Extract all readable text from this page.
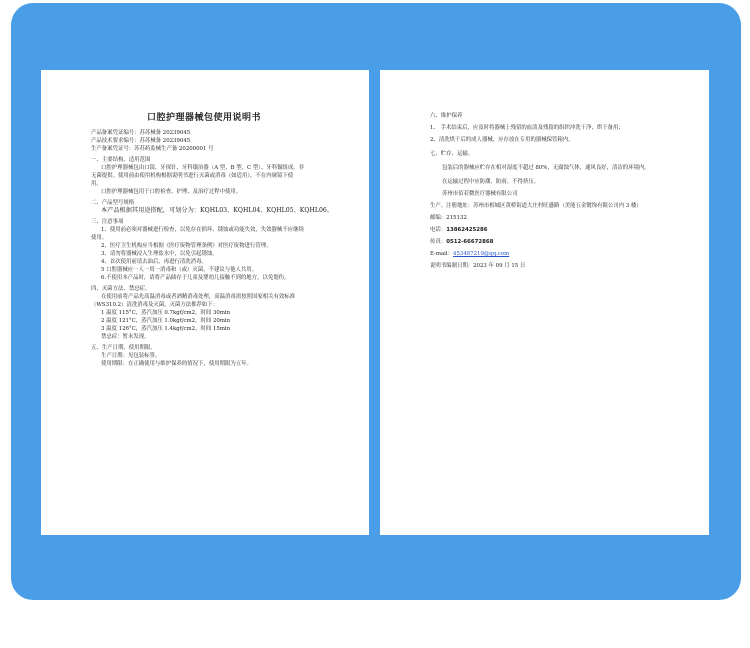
口腔护理器械包使用说明书
产品备案凭证编号：苏苏械备 20239045
产品技术要求编号：苏苏械备 20239045
生产备案凭证号：苏苏药监械生产备 20200001 号
一、主要结构、适用范围
口腔护理器械包由口镜、牙探针、牙科镊治器（A 型、B 型、C 型）、牙科镊组成。非
无菌提供。使用前由使用机构根据说明书进行灭菌或消毒（如适用），不在内窥镜下使
用。
口腔护理器械包用于口腔检查、护理、及治疗过程中使用。
二、产品型号规格
本产品根据其用途搭配，可划分为：KQHL03、KQHL04、KQHL05、KQHL06。
三、注意事项
1、使用前必须对器械进行检查，以免存在损坏、锈蚀或功能失效，失效器械不应继续
使用。
2、医疗卫生机构应当根据《医疗废物管理条例》对医疗废物进行管理。
3、请勿将器械浸入生理盐水中，以免引起锈蚀。
4、首次使用前请去油后，再进行清洗消毒。
5 口腔器械应一人一用一消毒和（或）灭菌，不建议与他人共用。
6.不使用本产品时，请将产品储存于儿童及婴幼儿接触不到的地方，以免划伤。
四、灭菌方法、禁忌症。
在使用前将产品先高温消毒或者酒精消毒处理，高温消毒需按照国家相关有效标准
（WS310.2）清洗消毒及灭菌，灭菌方法推荐如下：
1 温度 115°C，蒸汽加压 0.7kgf/cm2，时间 30min
2 温度 121°C，蒸汽加压 1.0kgf/cm2，时间 20min
3 温度 126°C，蒸汽加压 1.4kgf/cm2，时间 15min
禁忌症：暂未发现。
五、生产日期、使用期限。
生产日期：见包装标签。
使用期限：在正确使用与维护保养的情况下，使用期限为五年。
六、维护保养
1、 手术结束后，应及时将器械上残留的血渍及残留的组织冲洗干净，烘干备用；
2、清洗烘干后的成人器械，应存放在专用的器械保管箱内。
七、贮存、运输。
包装后的器械应贮存在相对湿度不超过 80%，无腐蚀气体，通风良好，清洁的环境内。
在运输过程中应防潮、防雨、不得挤压。
苏州市佰若微医疗器械有限公司
生产、注册地址：苏州市相城区黄桥街道大庄村旺盛路（美能五金镀饰有限公司内 3 楼）
邮编：215132
电话：13862425286
传真：0512-66672868
E-mail：453487219@qq.com
说明书编制日期：2023 年 09 月 15 日
